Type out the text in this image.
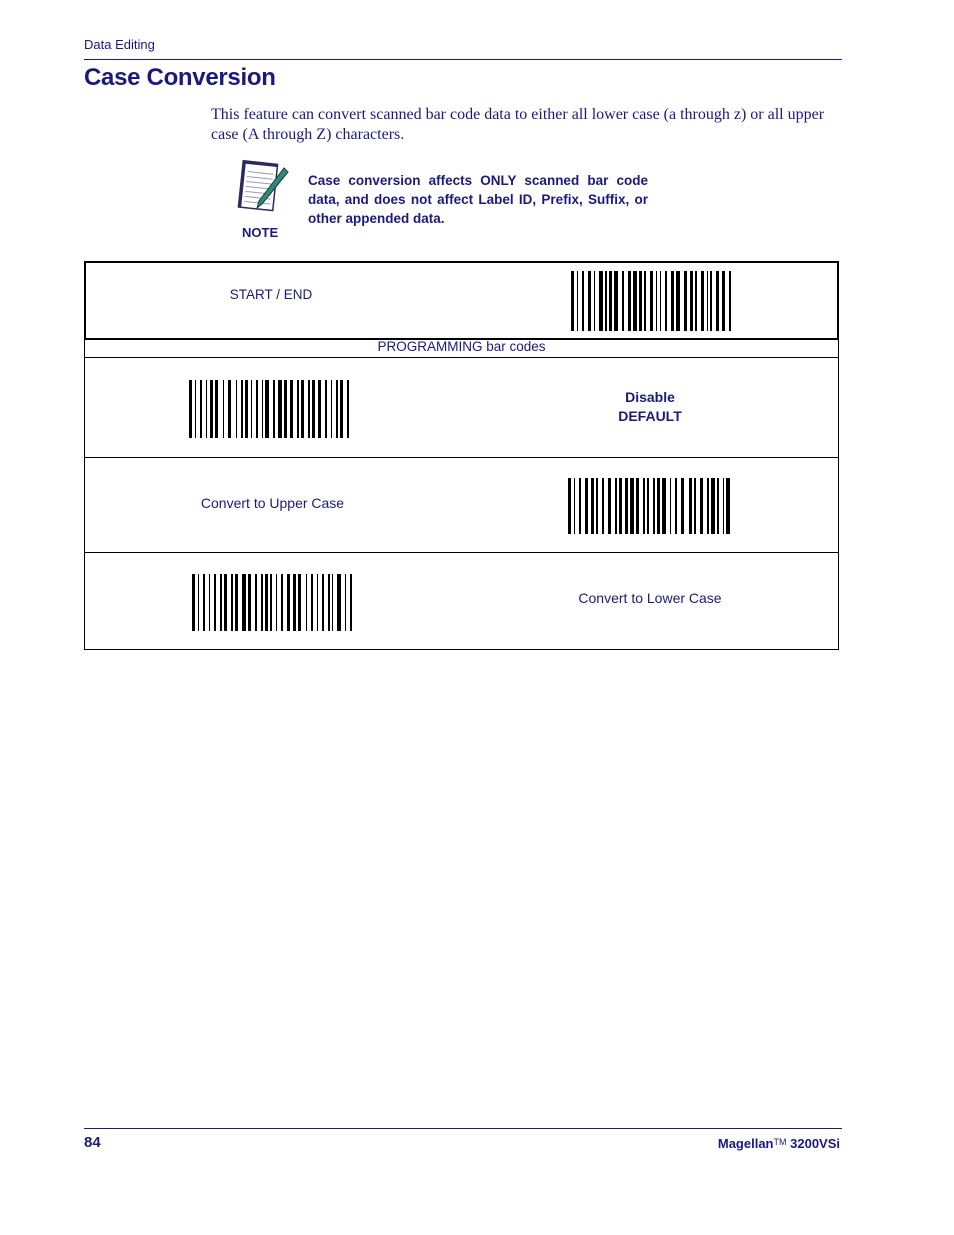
Data Editing
Case Conversion

This feature can convert scanned bar code data to either all lower case (a through z) or all upper case (A through Z) characters.

NOTE

Case conversion affects ONLY scanned bar code data, and does not affect Label ID, Prefix, Suffix, or other appended data.

START / END
PROGRAMMING bar codes
Disable
DEFAULT
Convert to Upper Case
Convert to Lower Case
84	Magellan™ 3200VSi
